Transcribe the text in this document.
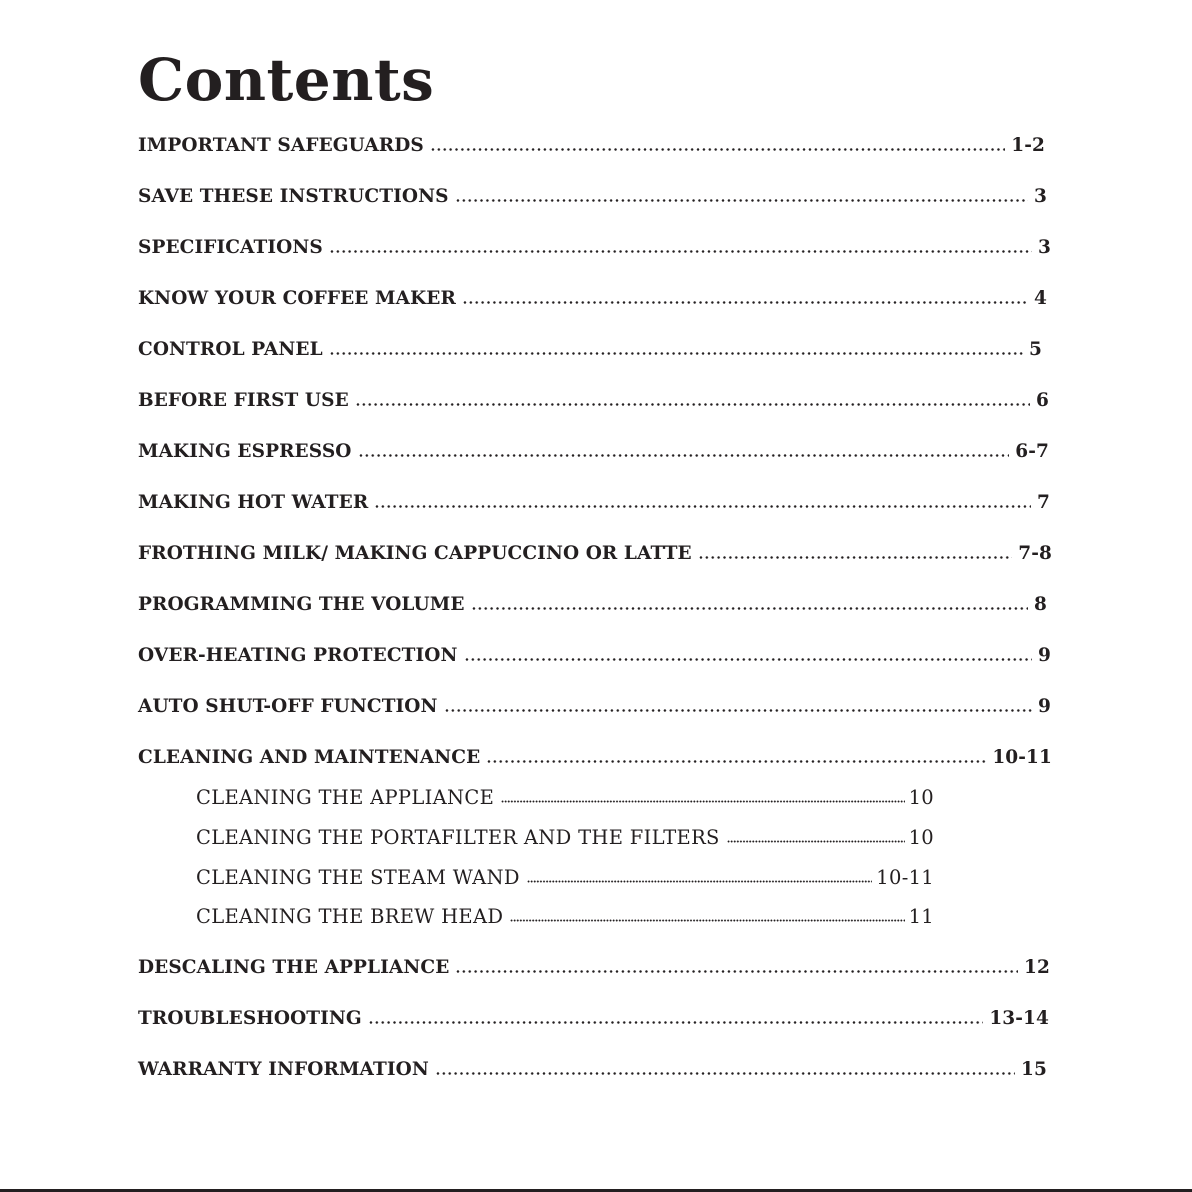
Contents
IMPORTANT SAFEGUARDS	1-2
SAVE THESE INSTRUCTIONS	3
SPECIFICATIONS	3
KNOW YOUR COFFEE MAKER	4
CONTROL PANEL	5
BEFORE FIRST USE	6
MAKING ESPRESSO	6-7
MAKING HOT WATER	7
FROTHING MILK/ MAKING CAPPUCCINO OR LATTE	7-8
PROGRAMMING THE VOLUME	8
OVER-HEATING PROTECTION	9
AUTO SHUT-OFF FUNCTION	9
CLEANING AND MAINTENANCE	10-11
CLEANING THE APPLIANCE	10
CLEANING THE PORTAFILTER AND THE FILTERS	10
CLEANING THE STEAM WAND	10-11
CLEANING THE BREW HEAD	11
DESCALING THE APPLIANCE	12
TROUBLESHOOTING	13-14
WARRANTY INFORMATION	15
